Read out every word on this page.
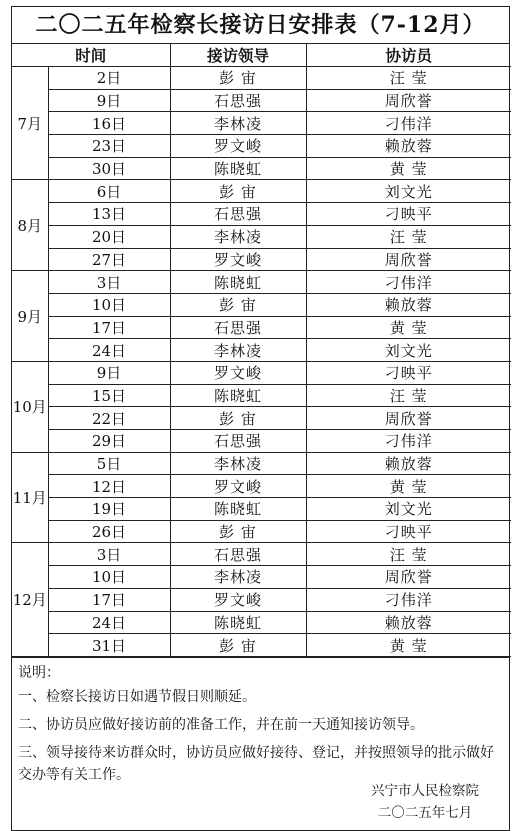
二〇二五年检察长接访日安排表（7-12月）
时间		接访领导	协访员
7月	2日	彭 宙	汪 莹
	9日	石思强	周欣誉
	16日	李林凌	刁伟洋
	23日	罗文峻	赖放蓉
	30日	陈晓虹	黄 莹
8月	6日	彭 宙	刘文光
	13日	石思强	刁映平
	20日	李林凌	汪 莹
	27日	罗文峻	周欣誉
9月	3日	陈晓虹	刁伟洋
	10日	彭 宙	赖放蓉
	17日	石思强	黄 莹
	24日	李林凌	刘文光
10月	9日	罗文峻	刁映平
	15日	陈晓虹	汪 莹
	22日	彭 宙	周欣誉
	29日	石思强	刁伟洋
11月	5日	李林凌	赖放蓉
	12日	罗文峻	黄 莹
	19日	陈晓虹	刘文光
	26日	彭 宙	刁映平
12月	3日	石思强	汪 莹
	10日	李林凌	周欣誉
	17日	罗文峻	刁伟洋
	24日	陈晓虹	赖放蓉
	31日	彭 宙	黄 莹
说明：
一、检察长接访日如遇节假日则顺延。
二、协访员应做好接访前的准备工作，并在前一天通知接访领导。
三、领导接待来访群众时，协访员应做好接待、登记，并按照领导的批示做好交办等有关工作。
兴宁市人民检察院
二〇二五年七月
